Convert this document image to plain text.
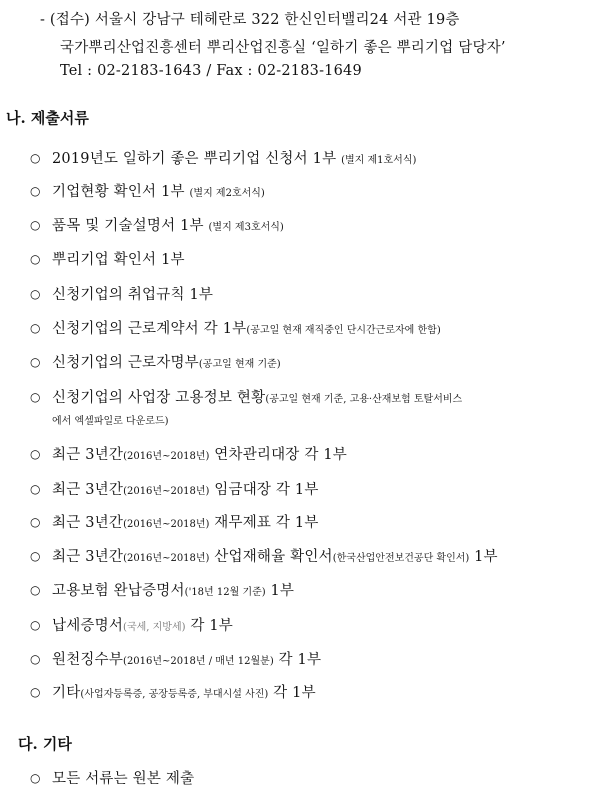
- (접수) 서울시 강남구 테헤란로 322 한신인터밸리24 서관 19층
국가뿌리산업진흥센터 뿌리산업진흥실 ‘일하기 좋은 뿌리기업 담당자’
Tel : 02-2183-1643 / Fax : 02-2183-1649
나. 제출서류
○ 2019년도 일하기 좋은 뿌리기업 신청서 1부 (별지 제1호서식)
○ 기업현황 확인서 1부 (별지 제2호서식)
○ 품목 및 기술설명서 1부 (별지 제3호서식)
○ 뿌리기업 확인서 1부
○ 신청기업의 취업규칙 1부
○ 신청기업의 근로계약서 각 1부(공고일 현재 재직중인 단시간근로자에 한함)
○ 신청기업의 근로자명부(공고일 현재 기준)
○ 신청기업의 사업장 고용정보 현황(공고일 현재 기준, 고용·산재보험 토탈서비스
에서 엑셀파일로 다운로드)
○ 최근 3년간(2016년~2018년) 연차관리대장 각 1부
○ 최근 3년간(2016년~2018년) 임금대장 각 1부
○ 최근 3년간(2016년~2018년) 재무제표 각 1부
○ 최근 3년간(2016년~2018년) 산업재해율 확인서(한국산업안전보건공단 확인서) 1부
○ 고용보험 완납증명서('18년 12월 기준) 1부
○ 납세증명서(국세, 지방세) 각 1부
○ 원천징수부(2016년~2018년 / 매년 12월분) 각 1부
○ 기타(사업자등록증, 공장등록증, 부대시설 사진) 각 1부
다. 기타
○ 모든 서류는 원본 제출
